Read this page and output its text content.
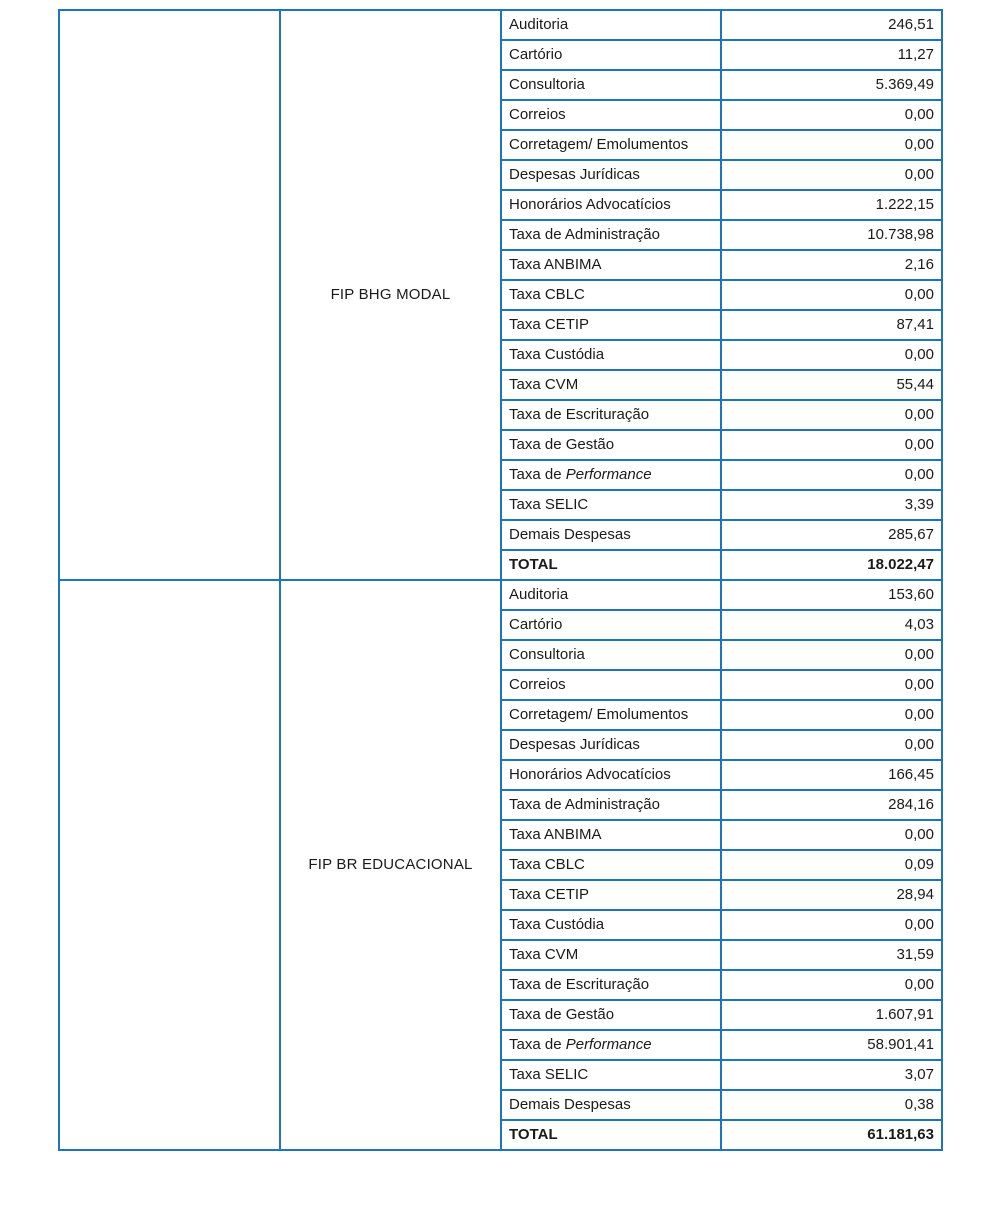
	FIP BHG MODAL	Auditoria	246,51
		Cartório	11,27
		Consultoria	5.369,49
		Correios	0,00
		Corretagem/ Emolumentos	0,00
		Despesas Jurídicas	0,00
		Honorários Advocatícios	1.222,15
		Taxa de Administração	10.738,98
		Taxa ANBIMA	2,16
		Taxa CBLC	0,00
		Taxa CETIP	87,41
		Taxa Custódia	0,00
		Taxa CVM	55,44
		Taxa de Escrituração	0,00
		Taxa de Gestão	0,00
		Taxa de Performance	0,00
		Taxa SELIC	3,39
		Demais Despesas	285,67
		TOTAL	18.022,47
	FIP BR EDUCACIONAL	Auditoria	153,60
		Cartório	4,03
		Consultoria	0,00
		Correios	0,00
		Corretagem/ Emolumentos	0,00
		Despesas Jurídicas	0,00
		Honorários Advocatícios	166,45
		Taxa de Administração	284,16
		Taxa ANBIMA	0,00
		Taxa CBLC	0,09
		Taxa CETIP	28,94
		Taxa Custódia	0,00
		Taxa CVM	31,59
		Taxa de Escrituração	0,00
		Taxa de Gestão	1.607,91
		Taxa de Performance	58.901,41
		Taxa SELIC	3,07
		Demais Despesas	0,38
		TOTAL	61.181,63
